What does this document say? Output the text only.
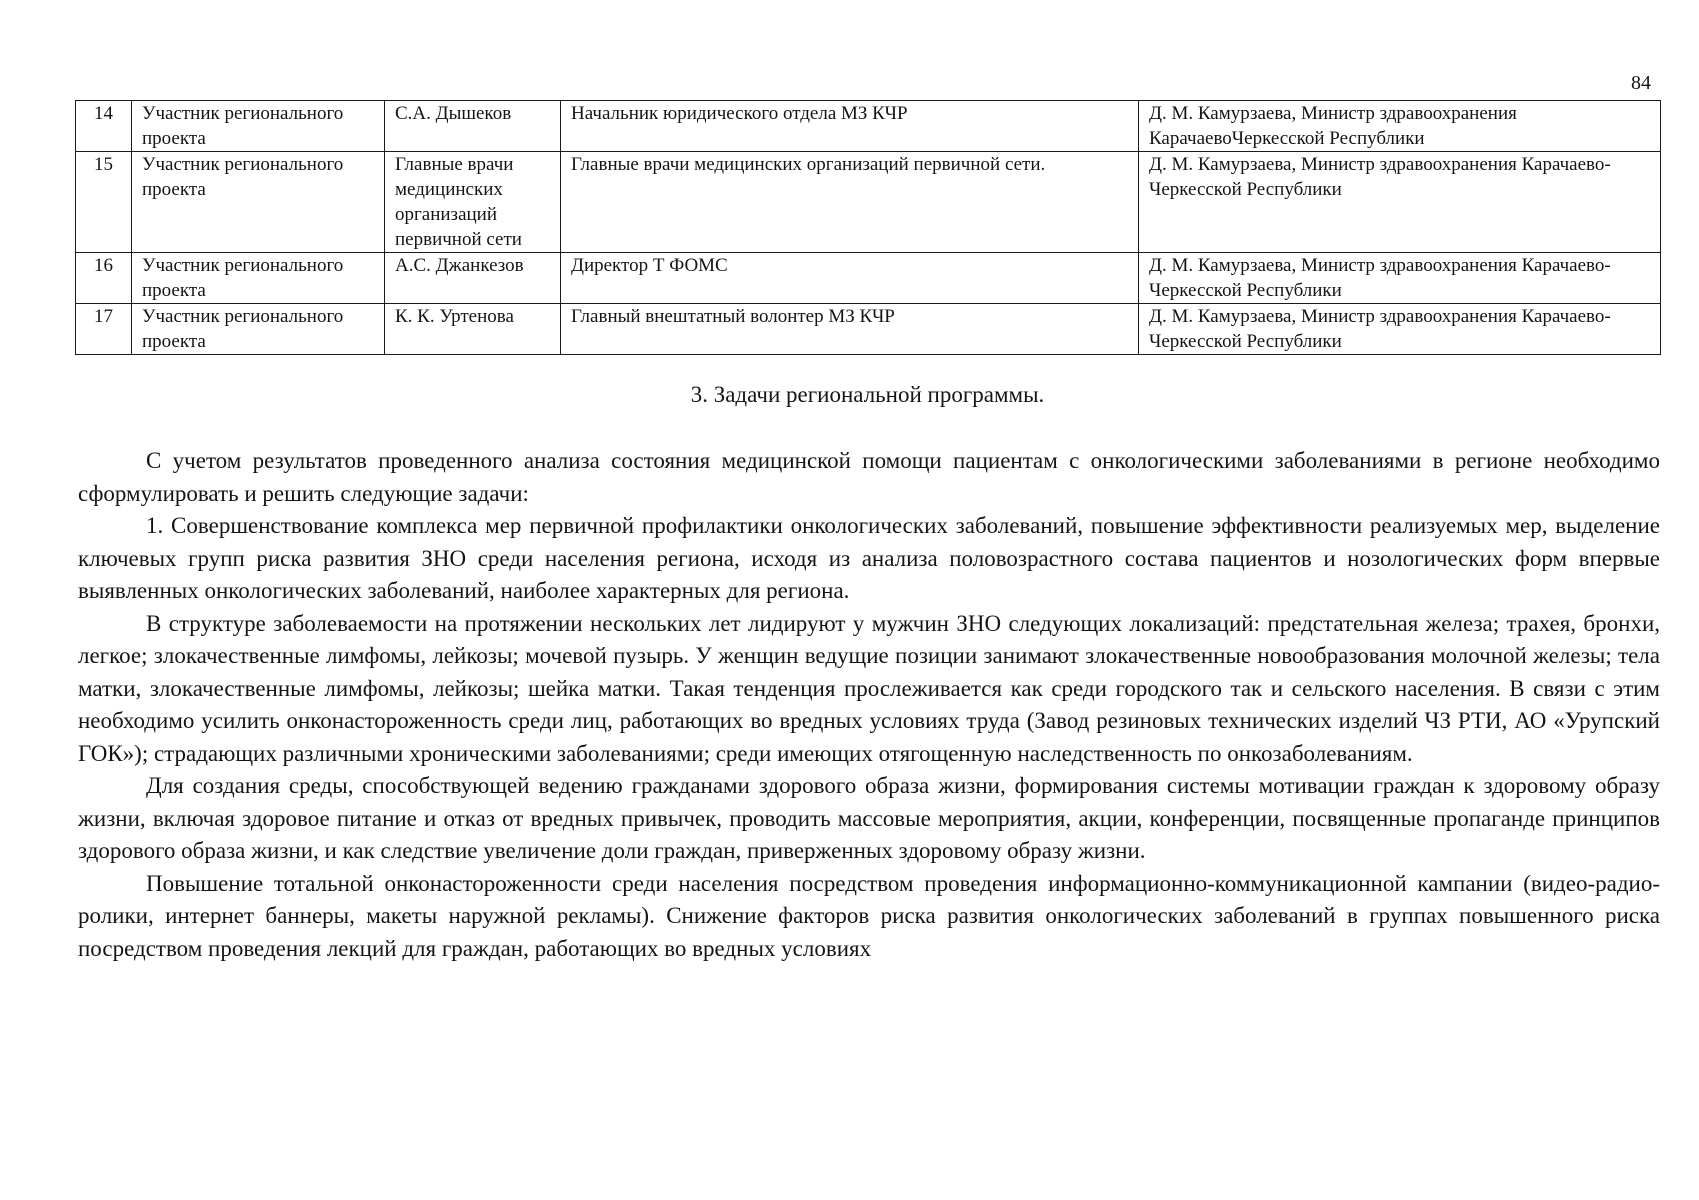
84
14	Участник регионального проекта	С.А. Дышеков	Начальник юридического отдела МЗ КЧР	Д. М. Камурзаева, Министр здравоохранения КарачаевоЧеркесской Республики
15	Участник регионального проекта	Главные врачи медицинских организаций первичной сети	Главные врачи медицинских организаций первичной сети.	Д. М. Камурзаева, Министр здравоохранения Карачаево-Черкесской Республики
16	Участник регионального проекта	А.С. Джанкезов	Директор Т ФОМС	Д. М. Камурзаева, Министр здравоохранения Карачаево-Черкесской Республики
17	Участник регионального проекта	К. К. Уртенова	Главный внештатный волонтер МЗ КЧР	Д. М. Камурзаева, Министр здравоохранения Карачаево-Черкесской Республики
3. Задачи региональной программы.

С учетом результатов проведенного анализа состояния медицинской помощи пациентам с онкологическими заболеваниями в регионе необходимо сформулировать и решить следующие задачи:

1. Совершенствование комплекса мер первичной профилактики онкологических заболеваний, повышение эффективности реализуемых мер, выделение ключевых групп риска развития ЗНО среди населения региона, исходя из анализа половозрастного состава пациентов и нозологических форм впервые выявленных онкологических заболеваний, наиболее характерных для региона.

В структуре заболеваемости на протяжении нескольких лет лидируют у мужчин ЗНО следующих локализаций: предстательная железа; трахея, бронхи, легкое; злокачественные лимфомы, лейкозы; мочевой пузырь. У женщин ведущие позиции занимают злокачественные новообразования молочной железы; тела матки, злокачественные лимфомы, лейкозы; шейка матки. Такая тенденция прослеживается как среди городского так и сельского населения. В связи с этим необходимо усилить онконастороженность среди лиц, работающих во вредных условиях труда (Завод резиновых технических изделий ЧЗ РТИ, АО «Урупский ГОК»); страдающих различными хроническими заболеваниями; среди имеющих отягощенную наследственность по онкозаболеваниям.

Для создания среды, способствующей ведению гражданами здорового образа жизни, формирования системы мотивации граждан к здоровому образу жизни, включая здоровое питание и отказ от вредных привычек, проводить массовые мероприятия, акции, конференции, посвященные пропаганде принципов здорового образа жизни, и как следствие увеличение доли граждан, приверженных здоровому образу жизни.

Повышение тотальной онконастороженности среди населения посредством проведения информационно-коммуникационной кампании (видео-радио-ролики, интернет баннеры, макеты наружной рекламы). Снижение факторов риска развития онкологических заболеваний в группах повышенного риска посредством проведения лекций для граждан, работающих во вредных условиях
